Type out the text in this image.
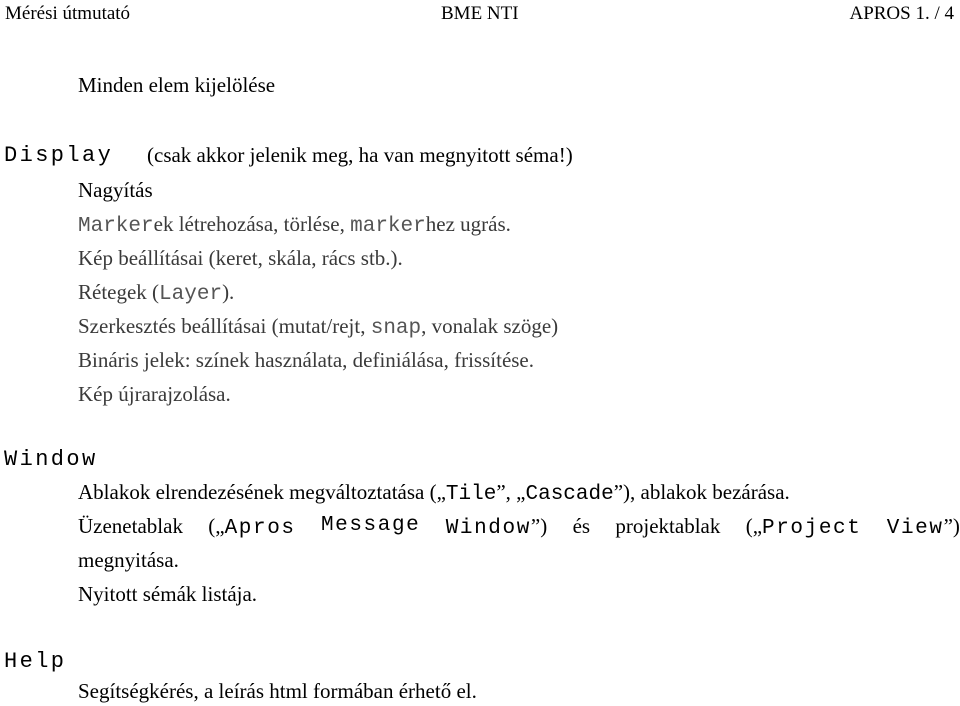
Mérési útmutató	BME NTI	APROS 1. / 4
Minden elem kijelölése
Display (csak akkor jelenik meg, ha van megnyitott séma!)
Nagyítás
Markerek létrehozása, törlése, markerhez ugrás.
Kép beállításai (keret, skála, rács stb.).
Rétegek (Layer).
Szerkesztés beállításai (mutat/rejt, snap, vonalak szöge)
Bináris jelek: színek használata, definiálása, frissítése.
Kép újrarajzolása.
Window
Ablakok elrendezésének megváltoztatása („Tile”, „Cascade”), ablakok bezárása.
Üzenetablak („Apros Message Window”) és projektablak („Project View”)
megnyitása.
Nyitott sémák listája.
Help
Segítségkérés, a leírás html formában érhető el.
